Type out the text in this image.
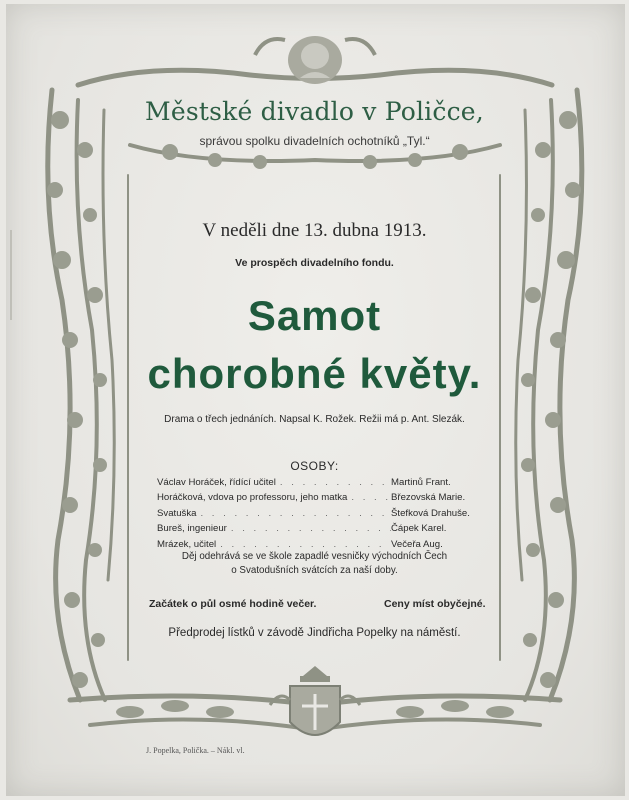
Městské divadlo v Poličce,
správou spolku divadelních ochotníků „Tyl.“
V neděli dne 13. dubna 1913.
Ve prospěch divadelního fondu.
Samot
chorobné květy.
Drama o třech jednáních. Napsal K. Rožek. Režii má p. Ant. Slezák.
OSOBY:
Václav Horáček, řídící učitel . . .	Martinů Frant.
Horáčková, vdova po professoru, jeho matka . . .	Březovská Marie.
Svatuška . . .	Štefková Drahuše.
Bureš, ingenieur . . .	Čápek Karel.
Mrázek, učitel . . .	Večeřa Aug.
Děj odehrává se ve škole zapadlé vesničky východních Čech
o Svatodušních svátcích za naší doby.
Začátek o půl osmé hodině večer.	Ceny míst obyčejné.
Předprodej lístků v závodě Jindřicha Popelky na náměstí.
J. Popelka, Polička. – Nákl. vl.
